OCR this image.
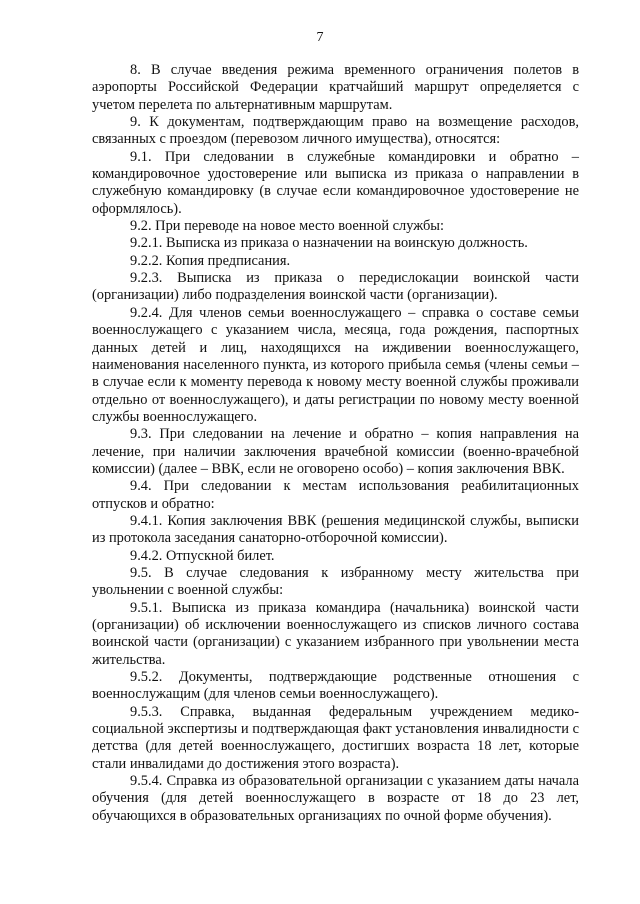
7

8. В случае введения режима временного ограничения полетов в аэропорты Российской Федерации кратчайший маршрут определяется с учетом перелета по альтернативным маршрутам.

9. К документам, подтверждающим право на возмещение расходов, связанных с проездом (перевозом личного имущества), относятся:

9.1. При следовании в служебные командировки и обратно – командировочное удостоверение или выписка из приказа о направлении в служебную командировку (в случае если командировочное удостоверение не оформлялось).

9.2. При переводе на новое место военной службы:

9.2.1. Выписка из приказа о назначении на воинскую должность.

9.2.2. Копия предписания.

9.2.3. Выписка из приказа о передислокации воинской части (организации) либо подразделения воинской части (организации).

9.2.4. Для членов семьи военнослужащего – справка о составе семьи военнослужащего с указанием числа, месяца, года рождения, паспортных данных детей и лиц, находящихся на иждивении военнослужащего, наименования населенного пункта, из которого прибыла семья (члены семьи – в случае если к моменту перевода к новому месту военной службы проживали отдельно от военнослужащего), и даты регистрации по новому месту военной службы военнослужащего.

9.3. При следовании на лечение и обратно – копия направления на лечение, при наличии заключения врачебной комиссии (военно-врачебной комиссии) (далее – ВВК, если не оговорено особо) – копия заключения ВВК.

9.4. При следовании к местам использования реабилитационных отпусков и обратно:

9.4.1. Копия заключения ВВК (решения медицинской службы, выписки из протокола заседания санаторно-отборочной комиссии).

9.4.2. Отпускной билет.

9.5. В случае следования к избранному месту жительства при увольнении с военной службы:

9.5.1. Выписка из приказа командира (начальника) воинской части (организации) об исключении военнослужащего из списков личного состава воинской части (организации) с указанием избранного при увольнении места жительства.

9.5.2. Документы, подтверждающие родственные отношения с военнослужащим (для членов семьи военнослужащего).

9.5.3. Справка, выданная федеральным учреждением медико-социальной экспертизы и подтверждающая факт установления инвалидности с детства (для детей военнослужащего, достигших возраста 18 лет, которые стали инвалидами до достижения этого возраста).

9.5.4. Справка из образовательной организации с указанием даты начала обучения (для детей военнослужащего в возрасте от 18 до 23 лет, обучающихся в образовательных организациях по очной форме обучения).
